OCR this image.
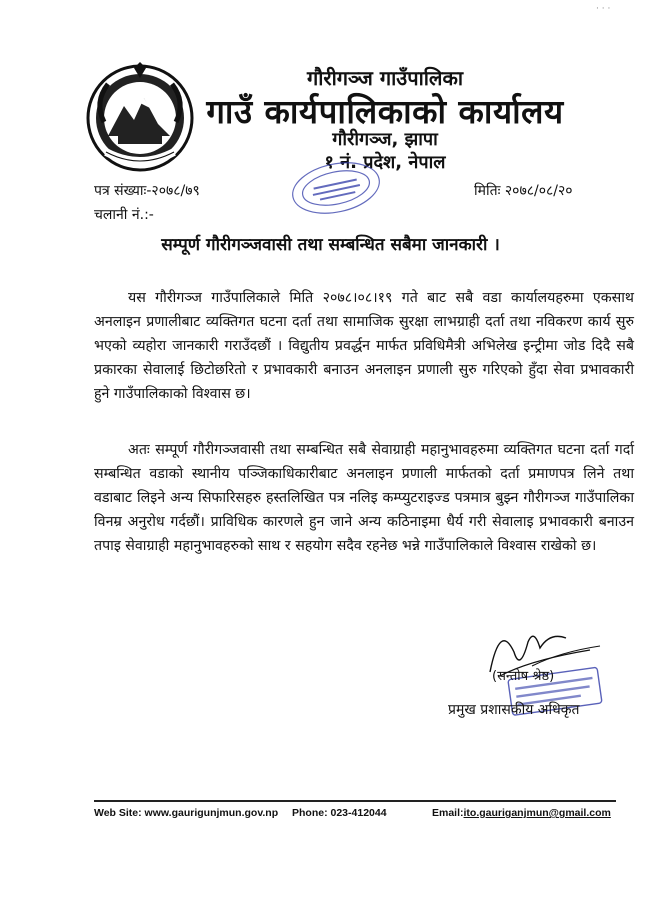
· · ·
गौरीगञ्ज गाउँपालिका
गाउँ कार्यपालिकाको कार्यालय
गौरीगञ्ज, झापा
१ नं. प्रदेश, नेपाल
पत्र संख्याः-२०७८/७९
चलानी नं.:-
मितिः २०७८/०८/२०
सम्पूर्ण गौरीगञ्जवासी तथा सम्बन्धित सबैमा जानकारी ।
यस गौरीगञ्ज गाउँपालिकाले मिति २०७८।०८।१९ गते बाट सबै वडा कार्यालयहरुमा एकसाथ अनलाइन प्रणालीबाट व्यक्तिगत घटना दर्ता तथा सामाजिक सुरक्षा लाभग्राही दर्ता तथा नविकरण कार्य सुरु भएको व्यहोरा जानकारी गराउँदछौं । विद्युतीय प्रवर्द्धन मार्फत प्रविधिमैत्री अभिलेख इन्ट्रीमा जोड दिदै सबै प्रकारका सेवालाई छिटोछरितो र प्रभावकारी बनाउन अनलाइन प्रणाली सुरु गरिएको हुँदा सेवा प्रभावकारी हुने गाउँपालिकाको विश्वास छ।
अतः सम्पूर्ण गौरीगञ्जवासी तथा सम्बन्धित सबै सेवाग्राही महानुभावहरुमा व्यक्तिगत घटना दर्ता गर्दा सम्बन्धित वडाको स्थानीय पञ्जिकाधिकारीबाट अनलाइन प्रणाली मार्फतको दर्ता प्रमाणपत्र लिने तथा वडाबाट लिइने अन्य सिफारिसहरु हस्तलिखित पत्र नलिइ कम्प्युटराइज्ड पत्रमात्र बुझ्न गौरीगञ्ज गाउँपालिका विनम्र अनुरोध गर्दछौं। प्राविधिक कारणले हुन जाने अन्य कठिनाइमा धैर्य गरी सेवालाइ प्रभावकारी बनाउन तपाइ सेवाग्राही महानुभावहरुको साथ र सहयोग सदैव रहनेछ भन्ने गाउँपालिकाले विश्वास राखेको छ।
(सन्तोष श्रेष्ठ)
प्रमुख प्रशासकीय अधिकृत
Web Site: www.gaurigunjmun.gov.np Phone: 023-412044	Email:ito.gauriganjmun@gmail.com
